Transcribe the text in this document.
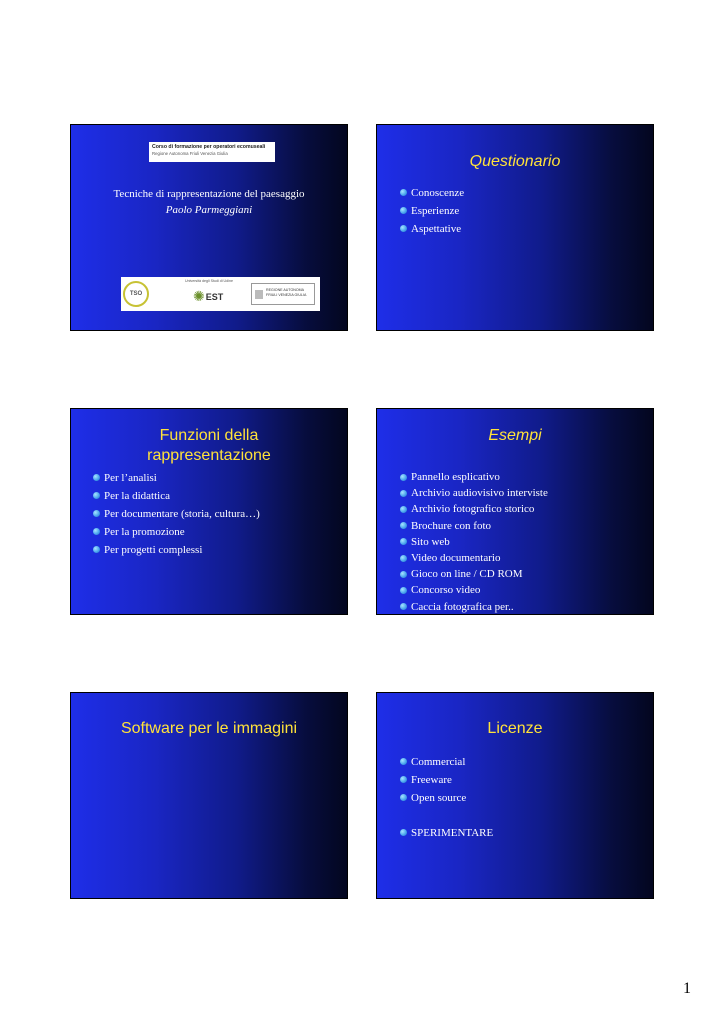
Corso di formazione per operatori ecomuseali
Regione Autonoma Friuli Venezia Giulia
Tecniche di rappresentazione del paesaggio
Paolo Parmeggiani
TSO
Università degli Studi di Udine
✺ EST
REGIONE AUTONOMA FRIULI VENEZIA GIULIA
Questionario
Conoscenze
Esperienze
Aspettative
Funzioni della
rappresentazione
Per l’analisi
Per la didattica
Per documentare (storia, cultura…)
Per la promozione
Per progetti complessi
Esempi
Pannello esplicativo
Archivio audiovisivo interviste
Archivio fotografico storico
Brochure con foto
Sito web
Video documentario
Gioco on line / CD ROM
Concorso video
Caccia fotografica per..
Software per le immagini	Licenze
Commercial
Freeware
Open source
SPERIMENTARE
1
